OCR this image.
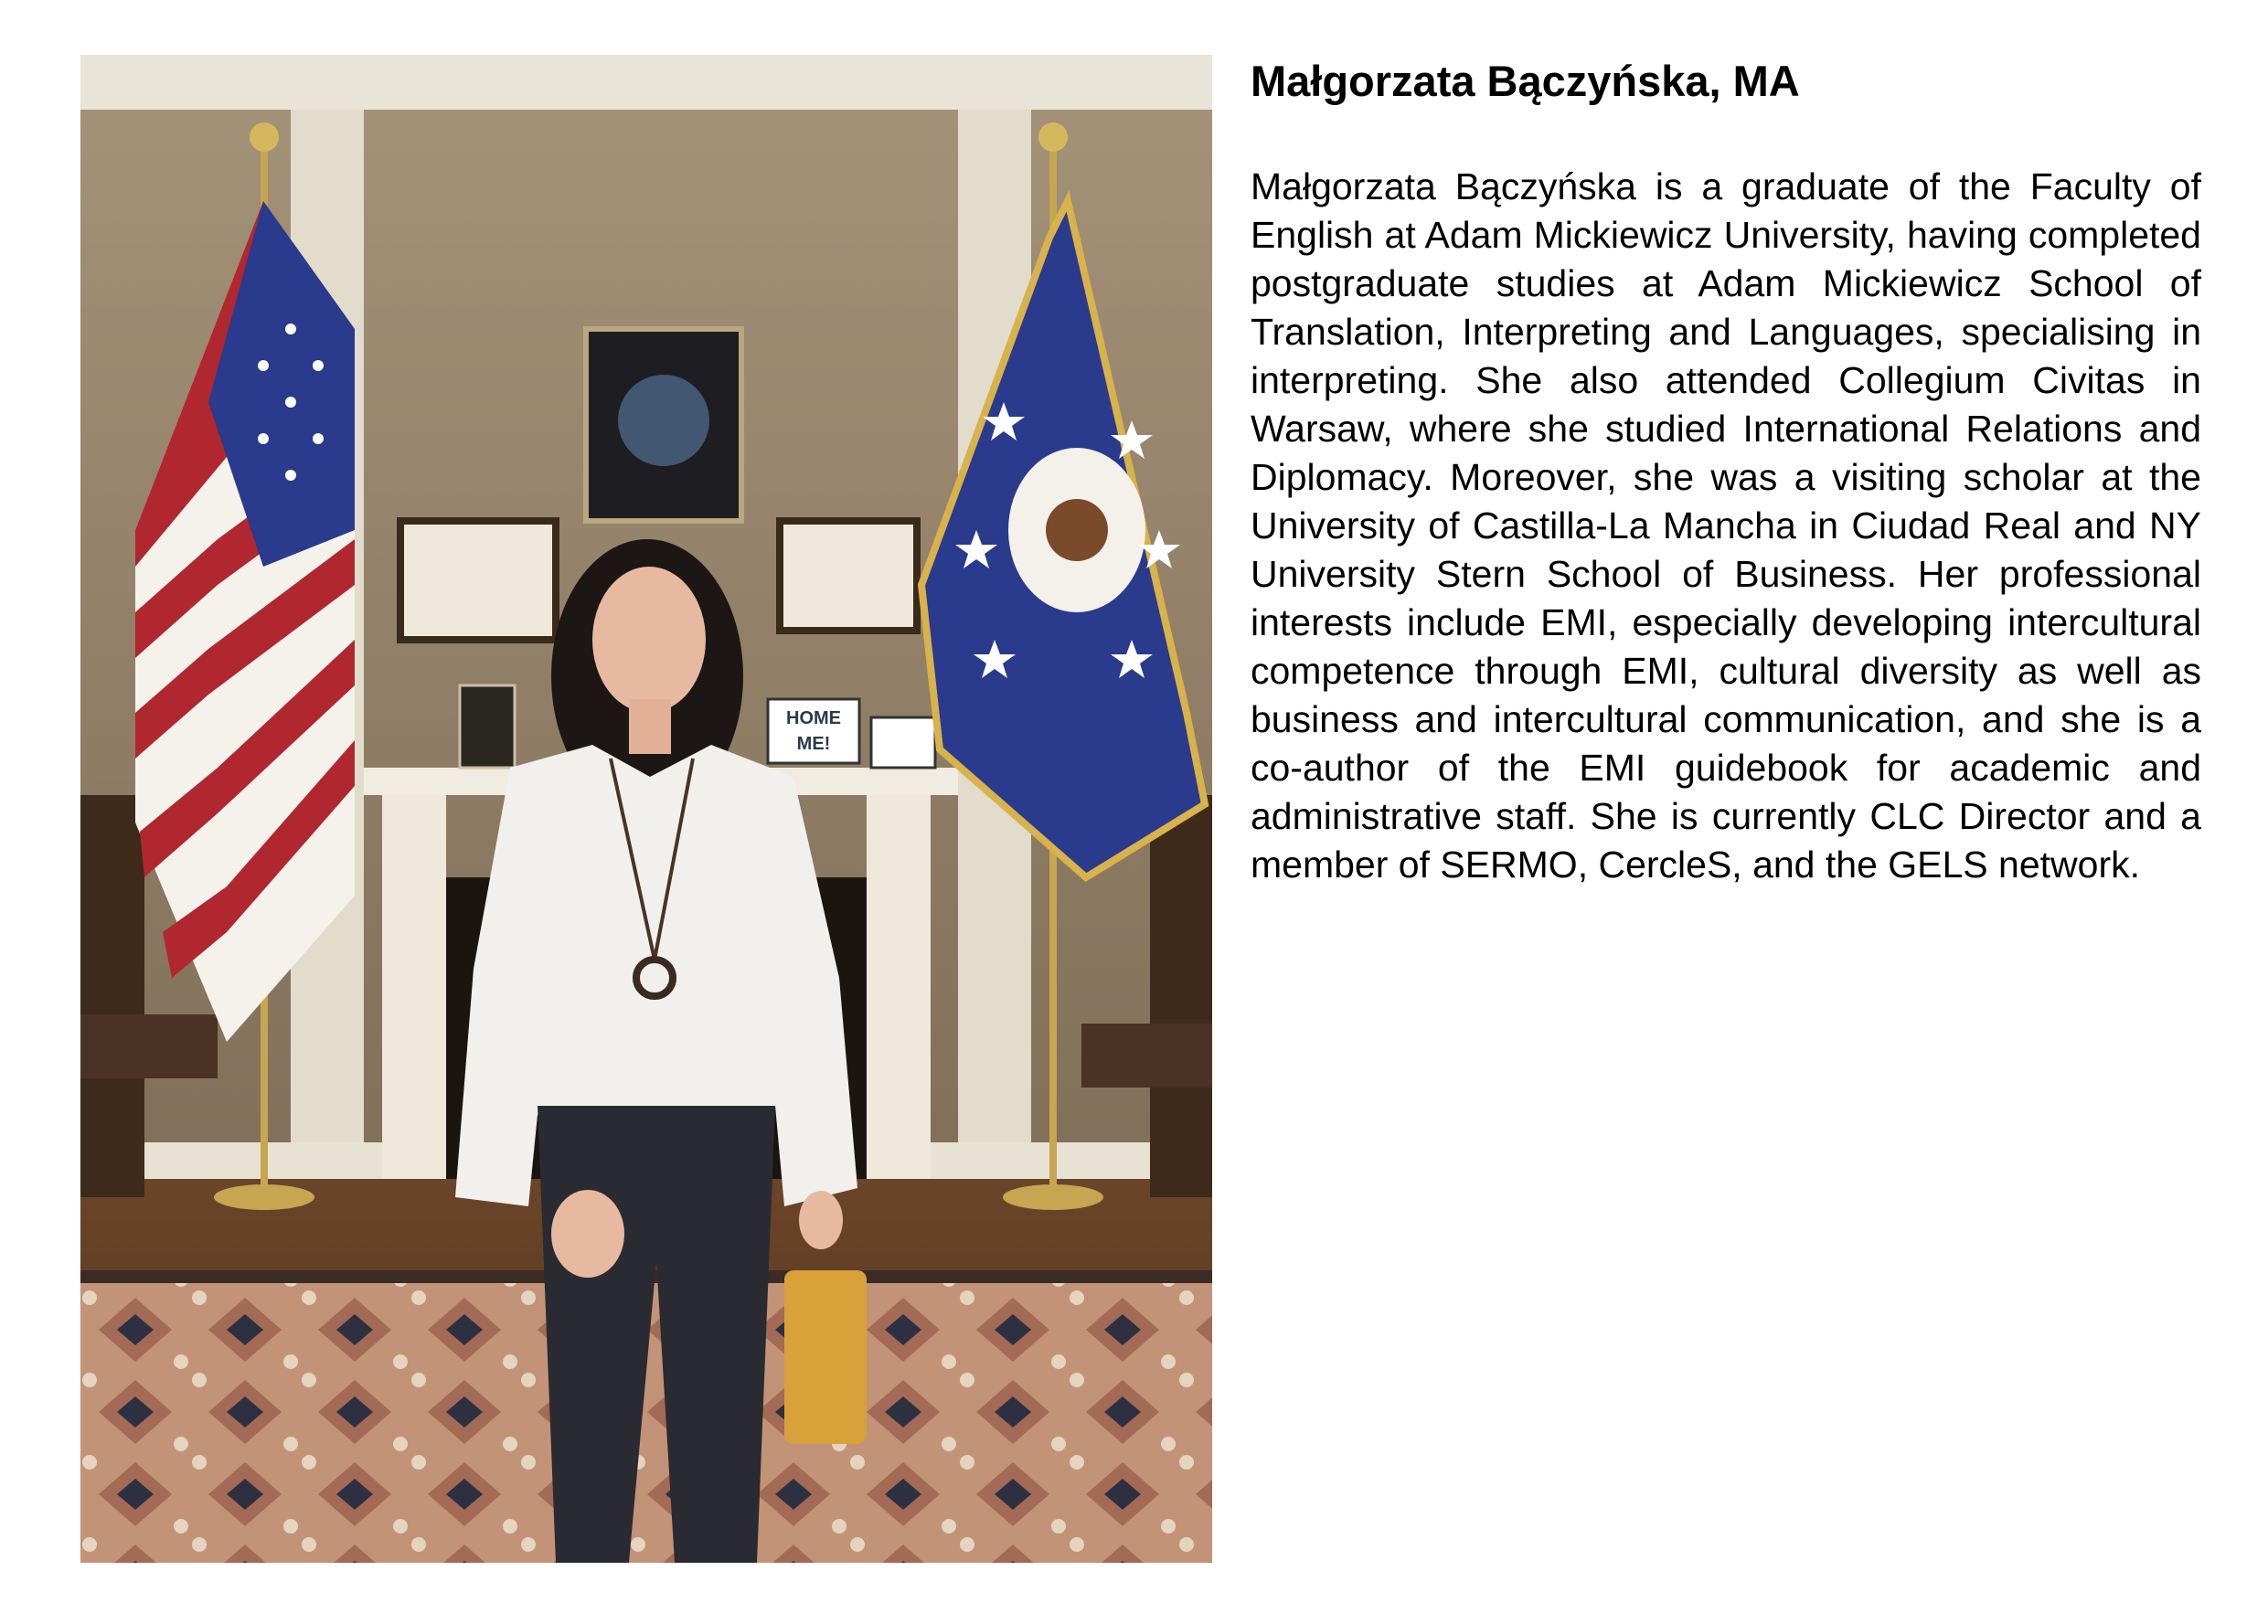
HOME
ME!
Małgorzata Bączyńska, MA

Małgorzata Bączyńska is a graduate of the Faculty of English at Adam Mickiewicz University, having completed postgraduate studies at Adam Mickiewicz School of Translation, Interpreting and Languages, specialising in interpreting. She also attended Collegium Civitas in Warsaw, where she studied International Relations and Diplomacy. Moreover, she was a visiting scholar at the University of Castilla-La Mancha in Ciudad Real and NY University Stern School of Business. Her professional interests include EMI, especially developing intercultural competence through EMI, cultural diversity as well as business and intercultural communication, and she is a co-author of the EMI guidebook for academic and administrative staff. She is currently CLC Director and a member of SERMO, CercleS, and the GELS network.
